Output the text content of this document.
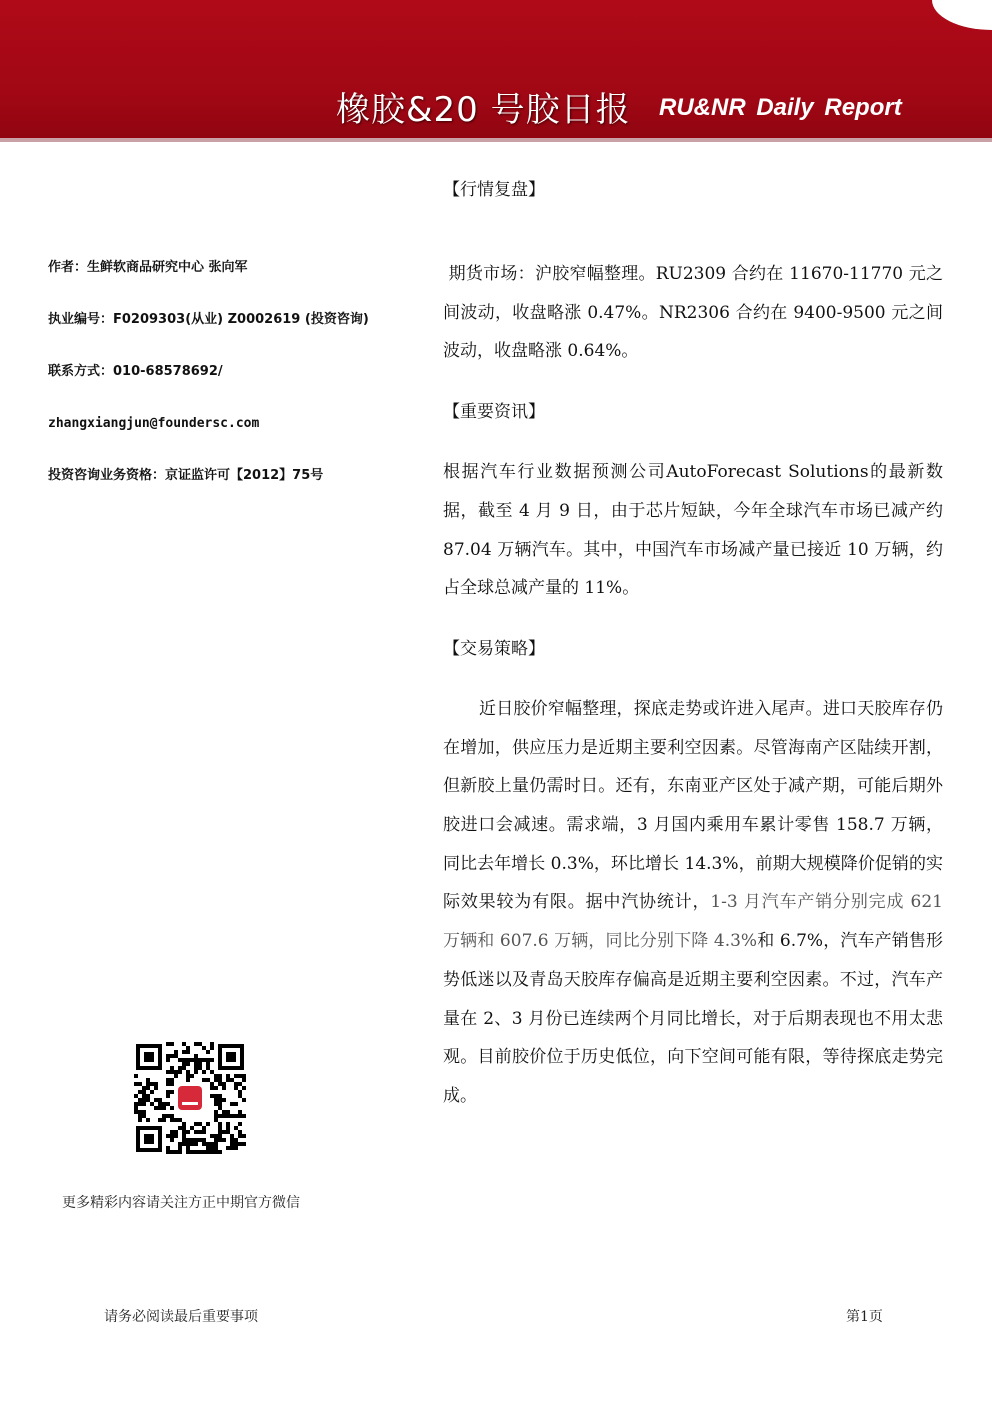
橡胶&20 号胶日报 RU&NR Daily Report
作者：生鲜软商品研究中心 张向军
执业编号：F0209303(从业) Z0002619 (投资咨询)
联系方式：010-68578692/
zhangxiangjun@foundersc.com
投资咨询业务资格：京证监许可【2012】75号
更多精彩内容请关注方正中期官方微信
【行情复盘】

期货市场：沪胶窄幅整理。RU2309 合约在 11670-11770 元之间波动，收盘略涨 0.47%。NR2306 合约在 9400-9500 元之间波动，收盘略涨 0.64%。

【重要资讯】

根据汽车行业数据预测公司AutoForecast Solutions的最新数据，截至 4 月 9 日，由于芯片短缺，今年全球汽车市场已减产约 87.04 万辆汽车。其中，中国汽车市场减产量已接近 10 万辆，约占全球总减产量的 11%。

【交易策略】

近日胶价窄幅整理，探底走势或许进入尾声。进口天胶库存仍在增加，供应压力是近期主要利空因素。尽管海南产区陆续开割，但新胶上量仍需时日。还有，东南亚产区处于减产期，可能后期外胶进口会减速。需求端，3 月国内乘用车累计零售 158.7 万辆，同比去年增长 0.3%，环比增长 14.3%，前期大规模降价促销的实际效果较为有限。据中汽协统计，1-3 月汽车产销分别完成 621 万辆和 607.6 万辆，同比分别下降 4.3%和 6.7%，汽车产销售形势低迷以及青岛天胶库存偏高是近期主要利空因素。不过，汽车产量在 2、3 月份已连续两个月同比增长，对于后期表现也不用太悲观。目前胶价位于历史低位，向下空间可能有限，等待探底走势完成。

请务必阅读最后重要事项	第1页
